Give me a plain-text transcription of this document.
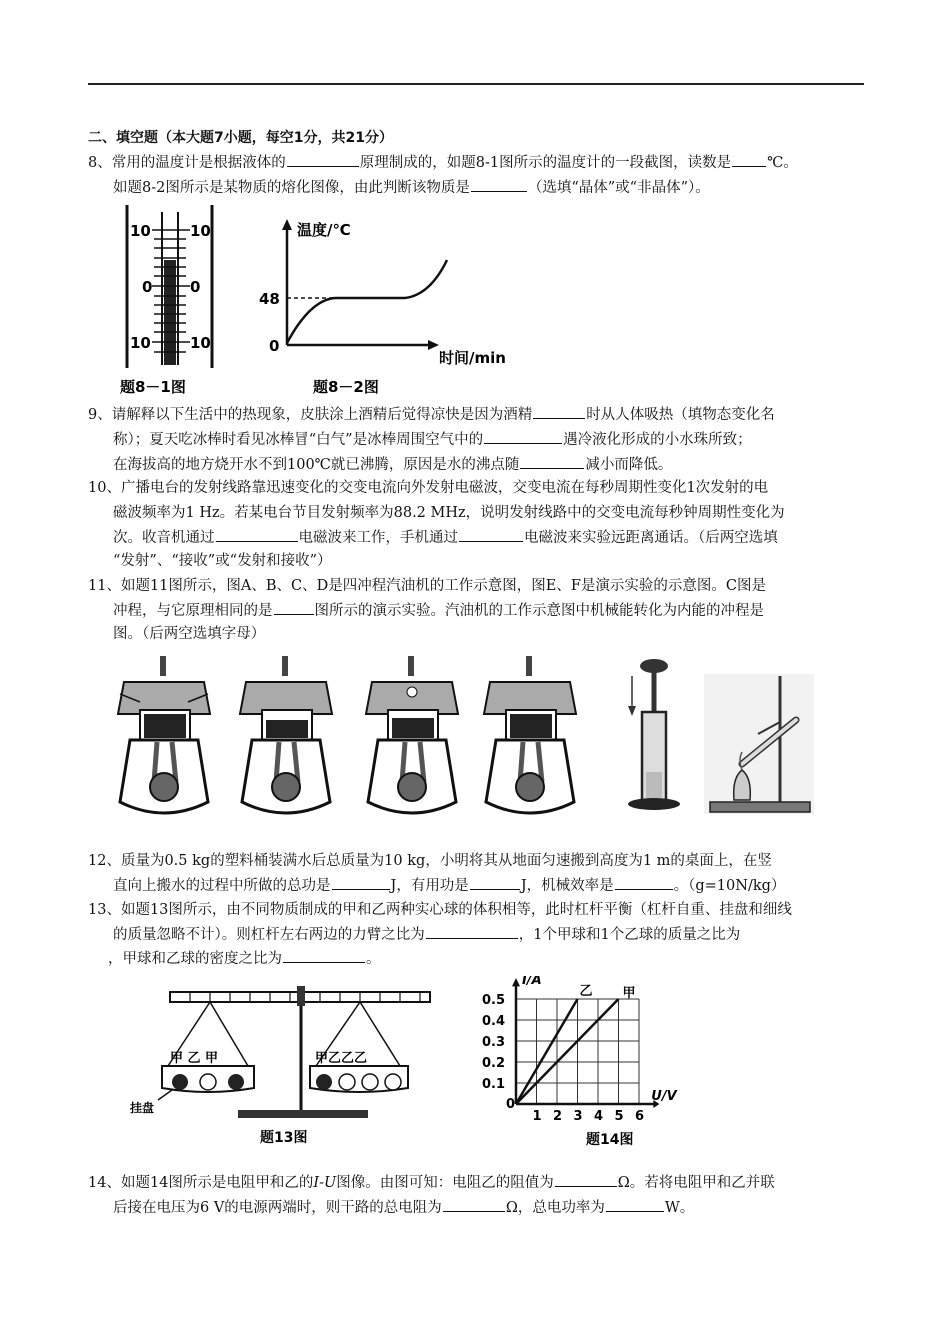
二、填空题（本大题7小题，每空1分，共21分）
8、常用的温度计是根据液体的	原理制成的，如题8-1图所示的温度计的一段截图，读数是 ℃。
如题8-2图所示是某物质的熔化图像，由此判断该物质是	（选填“晶体”或“非晶体”）。
10
0
10
10
0
10
题8－1图
温度/℃
48
0
时间/min
题8－2图
9、请解释以下生活中的热现象，皮肤涂上酒精后觉得凉快是因为酒精	时从人体吸热（填物态变化名
称）；夏天吃冰棒时看见冰棒冒“白气”是冰棒周围空气中的	遇冷液化形成的小水珠所致；
在海拔高的地方烧开水不到100℃就已沸腾，原因是水的沸点随	减小而降低。
10、广播电台的发射线路靠迅速变化的交变电流向外发射电磁波，交变电流在每秒周期性变化1次发射的电
磁波频率为1 Hz。若某电台节目发射频率为88.2 MHz，说明发射线路中的交变电流每秒钟周期性变化为
次。收音机通过	电磁波来工作，手机通过	电磁波来实验远距离通话。（后两空选填
“发射”、“接收”或“发射和接收”）
11、如题11图所示，图A、B、C、D是四冲程汽油机的工作示意图，图E、F是演示实验的示意图。C图是
冲程，与它原理相同的是	图所示的演示实验。汽油机的工作示意图中机械能转化为内能的冲程是
图。（后两空选填字母）
12、质量为0.5 kg的塑料桶装满水后总质量为10 kg，小明将其从地面匀速搬到高度为1 m的桌面上，在竖
直向上搬水的过程中所做的总功是	J，有用功是	J，机械效率是	。（g=10N/kg）
13、如题13图所示，由不同物质制成的甲和乙两种实心球的体积相等，此时杠杆平衡（杠杆自重、挂盘和细线
的质量忽略不计）。则杠杆左右两边的力臂之比为	，1个甲球和1个乙球的质量之比为
，甲球和乙球的密度之比为	。
甲 乙 甲	甲乙乙乙
挂盘
题13图
0.5
0.4
0.3
0.2
0.1
0
1 2 3 4 5 6
I/A
U/V
乙 甲
题14图
14、如题14图所示是电阻甲和乙的I-U图像。由图可知：电阻乙的阻值为	Ω。若将电阻甲和乙并联
后接在电压为6 V的电源两端时，则干路的总电阻为	Ω，总电功率为	W。
